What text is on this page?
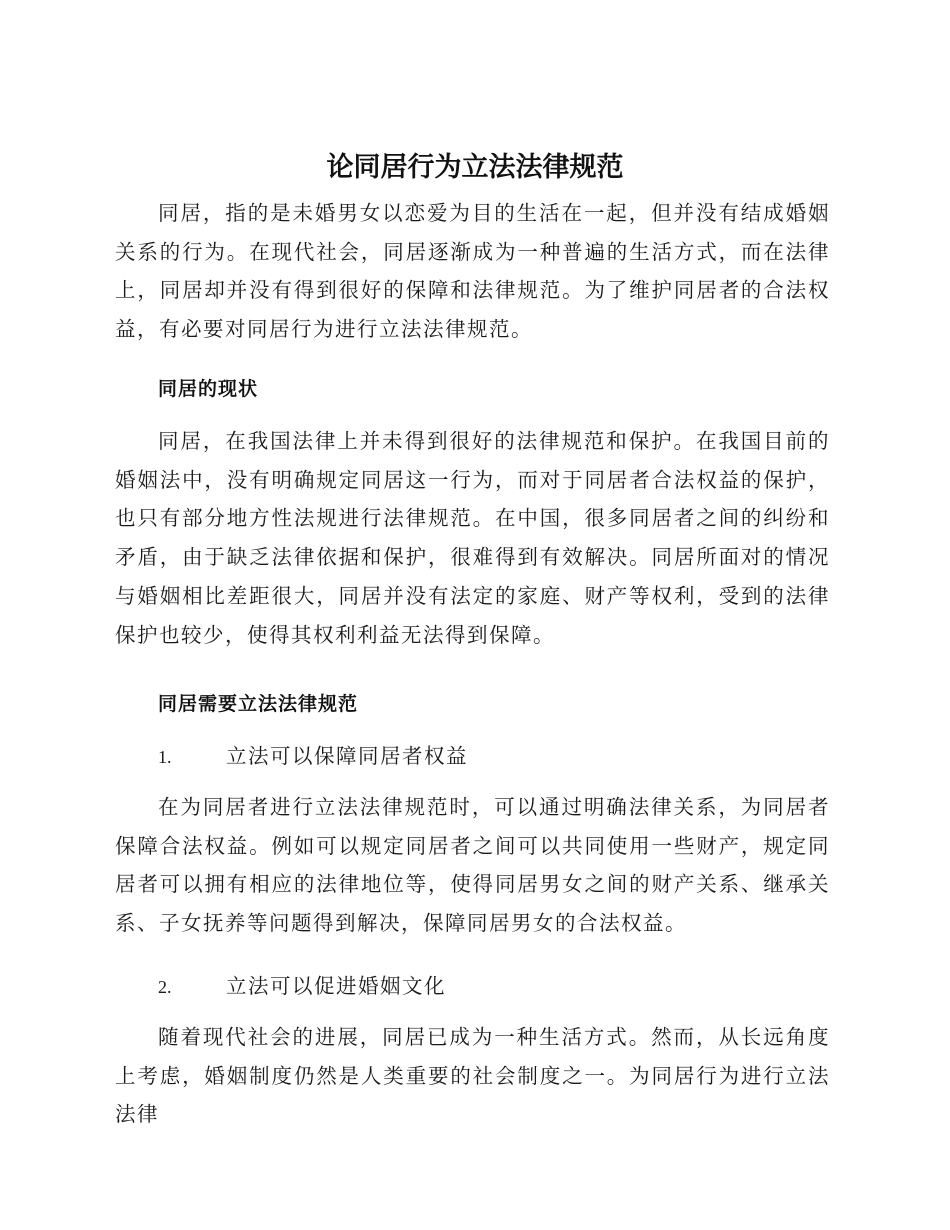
论同居行为立法法律规范

同居，指的是未婚男女以恋爱为目的生活在一起，但并没有结成婚姻关系的行为。在现代社会，同居逐渐成为一种普遍的生活方式，而在法律上，同居却并没有得到很好的保障和法律规范。为了维护同居者的合法权益，有必要对同居行为进行立法法律规范。

同居的现状

同居，在我国法律上并未得到很好的法律规范和保护。在我国目前的婚姻法中，没有明确规定同居这一行为，而对于同居者合法权益的保护，也只有部分地方性法规进行法律规范。在中国，很多同居者之间的纠纷和矛盾，由于缺乏法律依据和保护，很难得到有效解决。同居所面对的情况与婚姻相比差距很大，同居并没有法定的家庭、财产等权利，受到的法律保护也较少，使得其权利利益无法得到保障。

同居需要立法法律规范
1.	立法可以保障同居者权益

在为同居者进行立法法律规范时，可以通过明确法律关系，为同居者保障合法权益。例如可以规定同居者之间可以共同使用一些财产，规定同居者可以拥有相应的法律地位等，使得同居男女之间的财产关系、继承关系、子女抚养等问题得到解决，保障同居男女的合法权益。

2.	立法可以促进婚姻文化

随着现代社会的进展，同居已成为一种生活方式。然而，从长远角度上考虑，婚姻制度仍然是人类重要的社会制度之一。为同居行为进行立法法律
